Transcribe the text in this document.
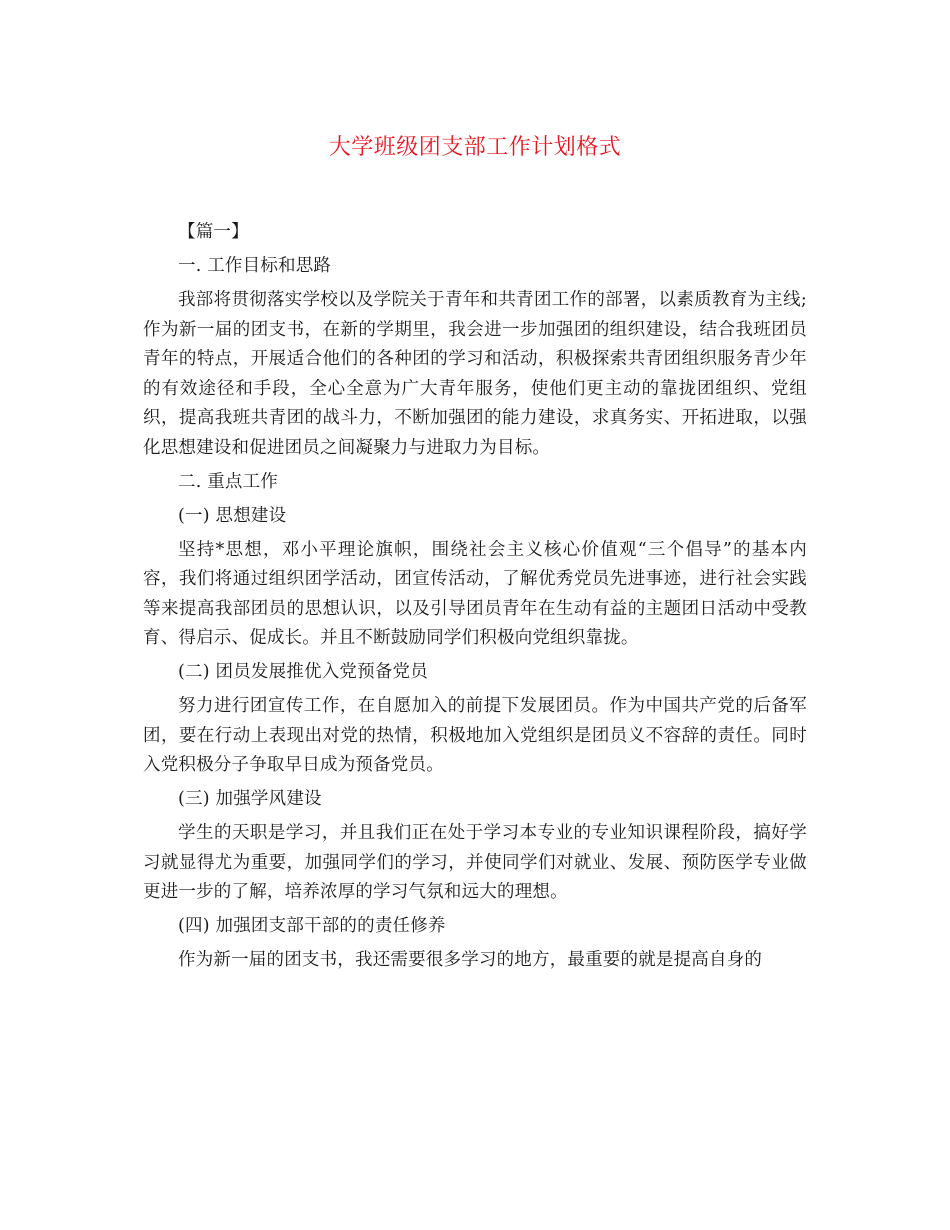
大学班级团支部工作计划格式

【篇一】

一. 工作目标和思路

我部将贯彻落实学校以及学院关于青年和共青团工作的部署，以素质教育为主线;作为新一届的团支书，在新的学期里，我会进一步加强团的组织建设，结合我班团员青年的特点，开展适合他们的各种团的学习和活动，积极探索共青团组织服务青少年的有效途径和手段，全心全意为广大青年服务，使他们更主动的靠拢团组织、党组织，提高我班共青团的战斗力，不断加强团的能力建设，求真务实、开拓进取，以强化思想建设和促进团员之间凝聚力与进取力为目标。

二. 重点工作

(一) 思想建设

坚持*思想，邓小平理论旗帜，围绕社会主义核心价值观“三个倡导”的基本内容，我们将通过组织团学活动，团宣传活动，了解优秀党员先进事迹，进行社会实践等来提高我部团员的思想认识，以及引导团员青年在生动有益的主题团日活动中受教育、得启示、促成长。并且不断鼓励同学们积极向党组织靠拢。

(二) 团员发展推优入党预备党员

努力进行团宣传工作，在自愿加入的前提下发展团员。作为中国共产党的后备军团，要在行动上表现出对党的热情，积极地加入党组织是团员义不容辞的责任。同时入党积极分子争取早日成为预备党员。

(三) 加强学风建设

学生的天职是学习，并且我们正在处于学习本专业的专业知识课程阶段，搞好学习就显得尤为重要，加强同学们的学习，并使同学们对就业、发展、预防医学专业做更进一步的了解，培养浓厚的学习气氛和远大的理想。

(四) 加强团支部干部的的责任修养

作为新一届的团支书，我还需要很多学习的地方，最重要的就是提高自身的
